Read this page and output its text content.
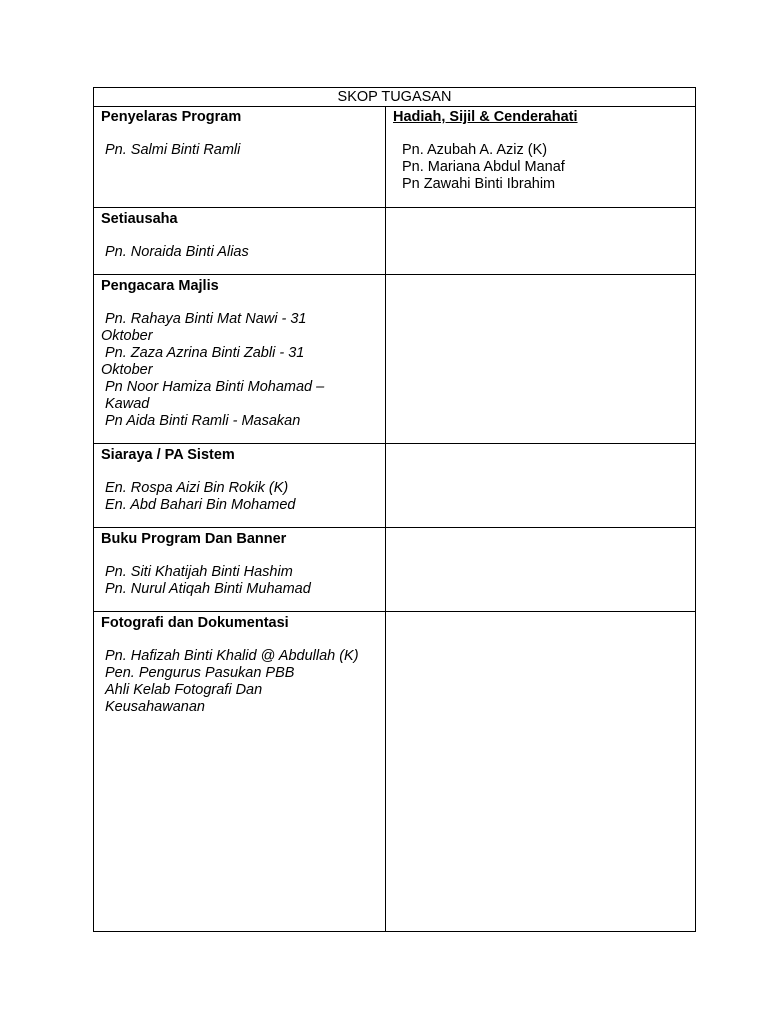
SKOP TUGASAN
Penyelaras Program
Pn. Salmi Binti Ramli
Hadiah, Sijil & Cenderahati
Pn. Azubah A. Aziz (K)
Pn. Mariana Abdul Manaf
Pn Zawahi Binti Ibrahim
Setiausaha
Pn. Noraida Binti Alias
Pengacara Majlis
Pn. Rahaya Binti Mat Nawi - 31
Oktober
Pn. Zaza Azrina Binti Zabli - 31
Oktober
Pn Noor Hamiza Binti Mohamad –
Kawad
Pn Aida Binti Ramli - Masakan
Siaraya / PA Sistem
En. Rospa Aizi Bin Rokik (K)
En. Abd Bahari Bin Mohamed
Buku Program Dan Banner
Pn. Siti Khatijah Binti Hashim
Pn. Nurul Atiqah Binti Muhamad
Fotografi dan Dokumentasi
Pn. Hafizah Binti Khalid @ Abdullah (K)
Pen. Pengurus Pasukan PBB
Ahli Kelab Fotografi Dan
Keusahawanan
